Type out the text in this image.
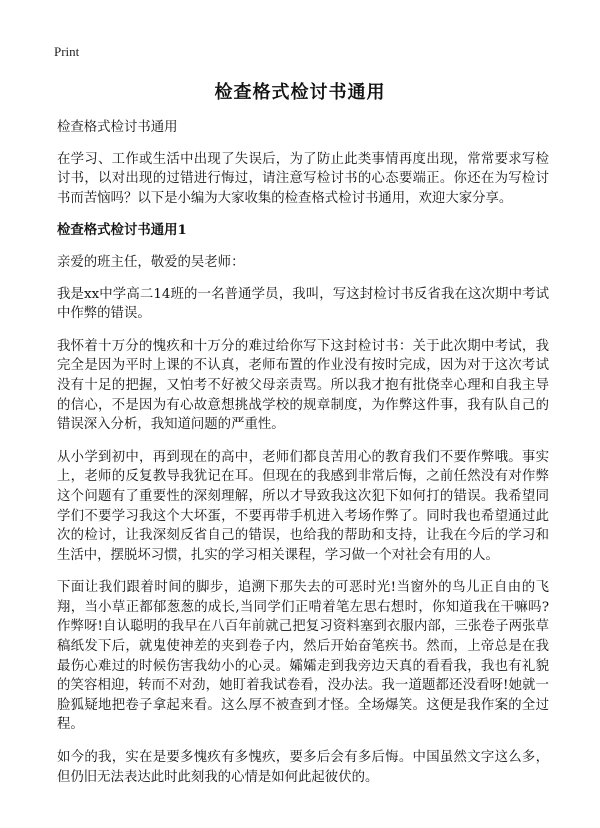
Print
检查格式检讨书通用

检查格式检讨书通用

在学习、工作或生活中出现了失误后，为了防止此类事情再度出现，常常要求写检讨书，以对出现的过错进行悔过，请注意写检讨书的心态要端正。你还在为写检讨书而苦恼吗？以下是小编为大家收集的检查格式检讨书通用，欢迎大家分享。

检查格式检讨书通用1

亲爱的班主任，敬爱的吴老师：

我是xx中学高二14班的一名普通学员，我叫，写这封检讨书反省我在这次期中考试中作弊的错误。

我怀着十万分的愧疚和十万分的难过给你写下这封检讨书：关于此次期中考试，我完全是因为平时上课的不认真，老师布置的作业没有按时完成，因为对于这次考试没有十足的把握，又怕考不好被父母亲责骂。所以我才抱有批侥幸心理和自我主导的信心，不是因为有心故意想挑战学校的规章制度，为作弊这件事，我有队自己的错误深入分析，我知道问题的严重性。

从小学到初中，再到现在的高中，老师们都良苦用心的教育我们不要作弊哦。事实上，老师的反复教导我犹记在耳。但现在的我感到非常后悔，之前任然没有对作弊这个问题有了重要性的深刻理解，所以才导致我这次犯下如何打的错误。我希望同学们不要学习我这个大坏蛋，不要再带手机进入考场作弊了。同时我也希望通过此次的检讨，让我深刻反省自己的错误，也给我的帮助和支持，让我在今后的学习和生活中，摆脱坏习惯，扎实的学习相关课程，学习做一个对社会有用的人。

下面让我们跟着时间的脚步，追溯下那失去的可恶时光!当窗外的鸟儿正自由的飞翔，当小草正都郁葱葱的成长,当同学们正啃着笔左思右想时，你知道我在干嘛吗?作弊呀!自认聪明的我早在八百年前就己把复习资料塞到衣服内部，三张卷子两张草稿纸发下后，就鬼使神差的夹到卷子内，然后开始奋笔疾书。然而，上帝总是在我最伤心难过的时候伤害我幼小的心灵。孀孀走到我旁边天真的看看我，我也有礼貌的笑容相迎，转而不对劲，她盯着我试卷看，没办法。我一道题都还没看呀!她就一脸狐疑地把卷子拿起来看。这么厚不被查到才怪。全场爆笑。这便是我作案的全过程。

如今的我，实在是要多愧疚有多愧疚，要多后会有多后悔。中国虽然文字这么多，但仍旧无法表达此时此刻我的心情是如何此起彼伏的。
